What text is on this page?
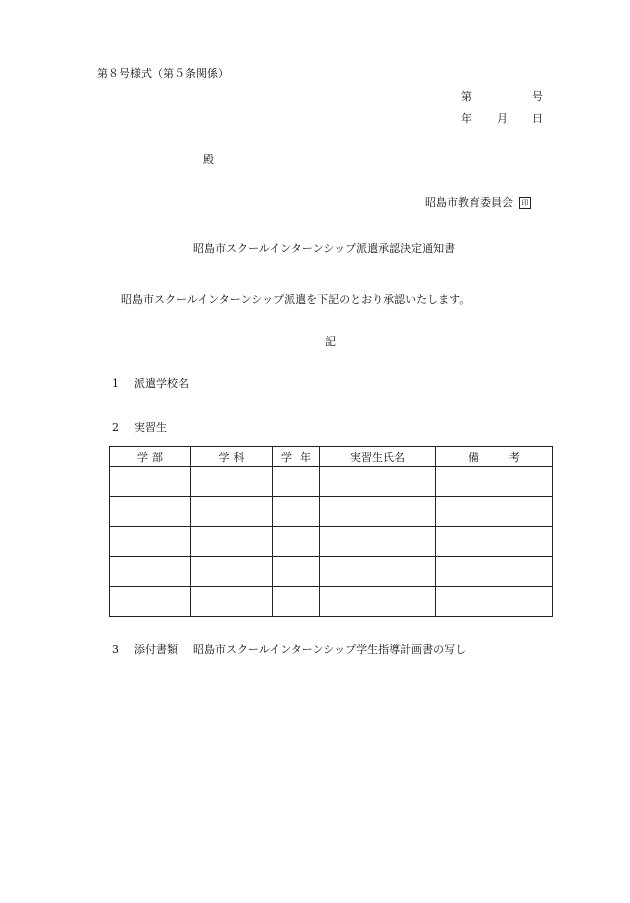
第８号様式（第５条関係）
第	号
年 月 日
殿
昭島市教育委員会 印
昭島市スクールインターンシップ派遣承認決定通知書
昭島市スクールインターンシップ派遣を下記のとおり承認いたします。
記
1 派遣学校名
2 実習生
学 部	学 科	学 年	実習生氏名	備 考

3 添付書類 昭島市スクールインターンシップ学生指導計画書の写し
